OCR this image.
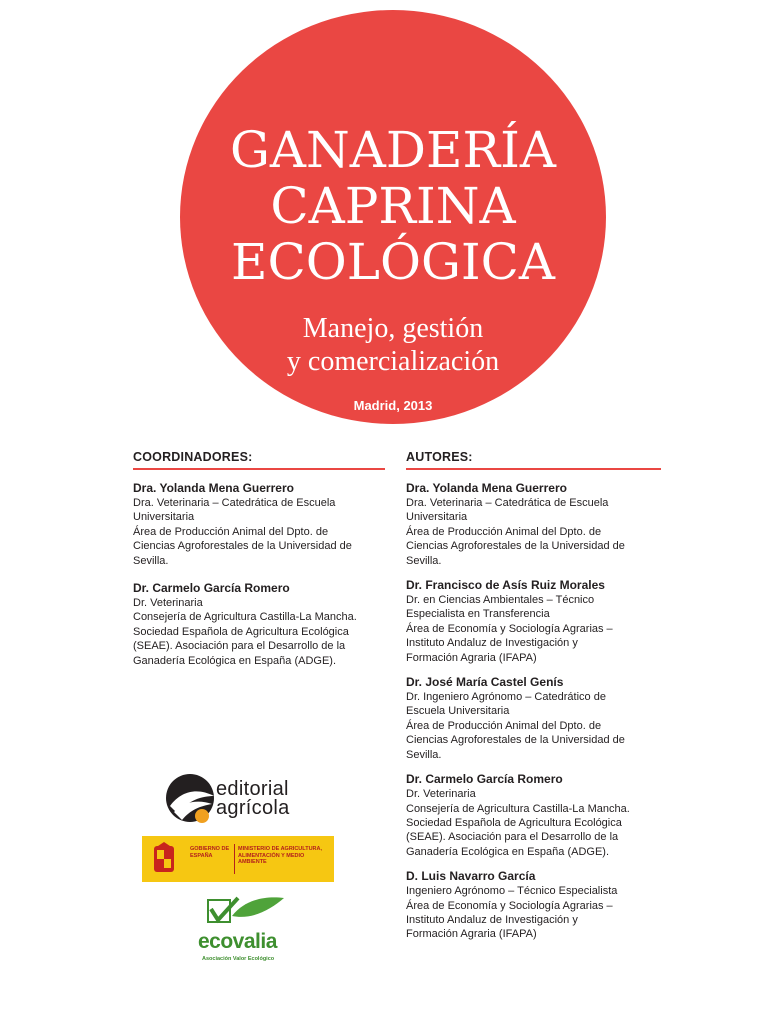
GANADERÍA
CAPRINA
ECOLÓGICA
Manejo, gestión
y comercialización
Madrid, 2013
COORDINADORES:
Dra. Yolanda Mena Guerrero
Dra. Veterinaria – Catedrática de Escuela
Universitaria
Área de Producción Animal del Dpto. de
Ciencias Agroforestales de la Universidad de
Sevilla.
Dr. Carmelo García Romero
Dr. Veterinaria
Consejería de Agricultura Castilla-La Mancha.
Sociedad Española de Agricultura Ecológica
(SEAE). Asociación para el Desarrollo de la
Ganadería Ecológica en España (ADGE).
AUTORES:
Dra. Yolanda Mena Guerrero
Dra. Veterinaria – Catedrática de Escuela
Universitaria
Área de Producción Animal del Dpto. de
Ciencias Agroforestales de la Universidad de
Sevilla.
Dr. Francisco de Asís Ruiz Morales
Dr. en Ciencias Ambientales – Técnico
Especialista en Transferencia
Área de Economía y Sociología Agrarias –
Instituto Andaluz de Investigación y
Formación Agraria (IFAPA)
Dr. José María Castel Genís
Dr. Ingeniero Agrónomo – Catedrático de
Escuela Universitaria
Área de Producción Animal del Dpto. de
Ciencias Agroforestales de la Universidad de
Sevilla.
Dr. Carmelo García Romero
Dr. Veterinaria
Consejería de Agricultura Castilla-La Mancha.
Sociedad Española de Agricultura Ecológica
(SEAE). Asociación para el Desarrollo de la
Ganadería Ecológica en España (ADGE).
D. Luis Navarro García
Ingeniero Agrónomo – Técnico Especialista
Área de Economía y Sociología Agrarias –
Instituto Andaluz de Investigación y
Formación Agraria (IFAPA)
editorial
agrícola
GOBIERNO DE ESPAÑA
MINISTERIO DE AGRICULTURA, ALIMENTACIÓN Y MEDIO AMBIENTE
ecovalia
Asociación Valor Ecológico
